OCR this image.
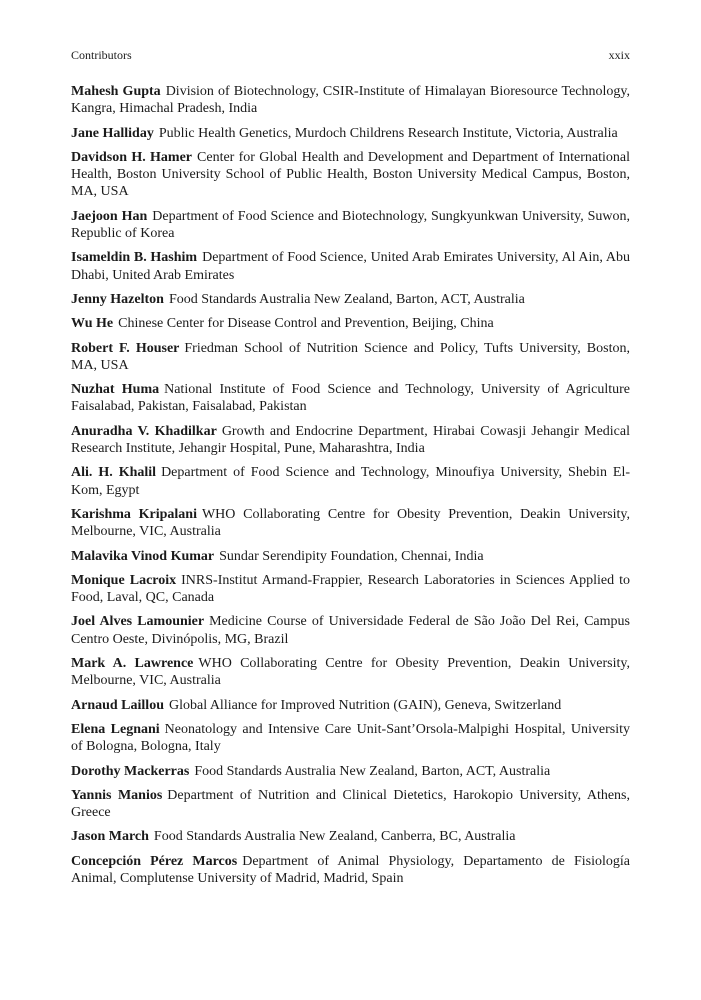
Contributors	xxix

Mahesh Gupta Division of Biotechnology, CSIR-Institute of Himalayan Bioresource Technology, Kangra, Himachal Pradesh, India

Jane Halliday Public Health Genetics, Murdoch Childrens Research Institute, Victoria, Australia

Davidson H. Hamer Center for Global Health and Development and Department of International Health, Boston University School of Public Health, Boston University Medical Campus, Boston, MA, USA

Jaejoon Han Department of Food Science and Biotechnology, Sungkyunkwan University, Suwon, Republic of Korea

Isameldin B. Hashim Department of Food Science, United Arab Emirates University, Al Ain, Abu Dhabi, United Arab Emirates

Jenny Hazelton Food Standards Australia New Zealand, Barton, ACT, Australia

Wu He Chinese Center for Disease Control and Prevention, Beijing, China

Robert F. Houser Friedman School of Nutrition Science and Policy, Tufts University, Boston, MA, USA

Nuzhat Huma National Institute of Food Science and Technology, University of Agriculture Faisalabad, Pakistan, Faisalabad, Pakistan

Anuradha V. Khadilkar Growth and Endocrine Department, Hirabai Cowasji Jehangir Medical Research Institute, Jehangir Hospital, Pune, Maharashtra, India

Ali. H. Khalil Department of Food Science and Technology, Minoufiya University, Shebin El-Kom, Egypt

Karishma Kripalani WHO Collaborating Centre for Obesity Prevention, Deakin University, Melbourne, VIC, Australia

Malavika Vinod Kumar Sundar Serendipity Foundation, Chennai, India

Monique Lacroix INRS-Institut Armand-Frappier, Research Laboratories in Sciences Applied to Food, Laval, QC, Canada

Joel Alves Lamounier Medicine Course of Universidade Federal de São João Del Rei, Campus Centro Oeste, Divinópolis, MG, Brazil

Mark A. Lawrence WHO Collaborating Centre for Obesity Prevention, Deakin University, Melbourne, VIC, Australia

Arnaud Laillou Global Alliance for Improved Nutrition (GAIN), Geneva, Switzerland

Elena Legnani Neonatology and Intensive Care Unit-Sant’Orsola-Malpighi Hospital, University of Bologna, Bologna, Italy

Dorothy Mackerras Food Standards Australia New Zealand, Barton, ACT, Australia

Yannis Manios Department of Nutrition and Clinical Dietetics, Harokopio University, Athens, Greece

Jason March Food Standards Australia New Zealand, Canberra, BC, Australia

Concepción Pérez Marcos Department of Animal Physiology, Departamento de Fisiología Animal, Complutense University of Madrid, Madrid, Spain
